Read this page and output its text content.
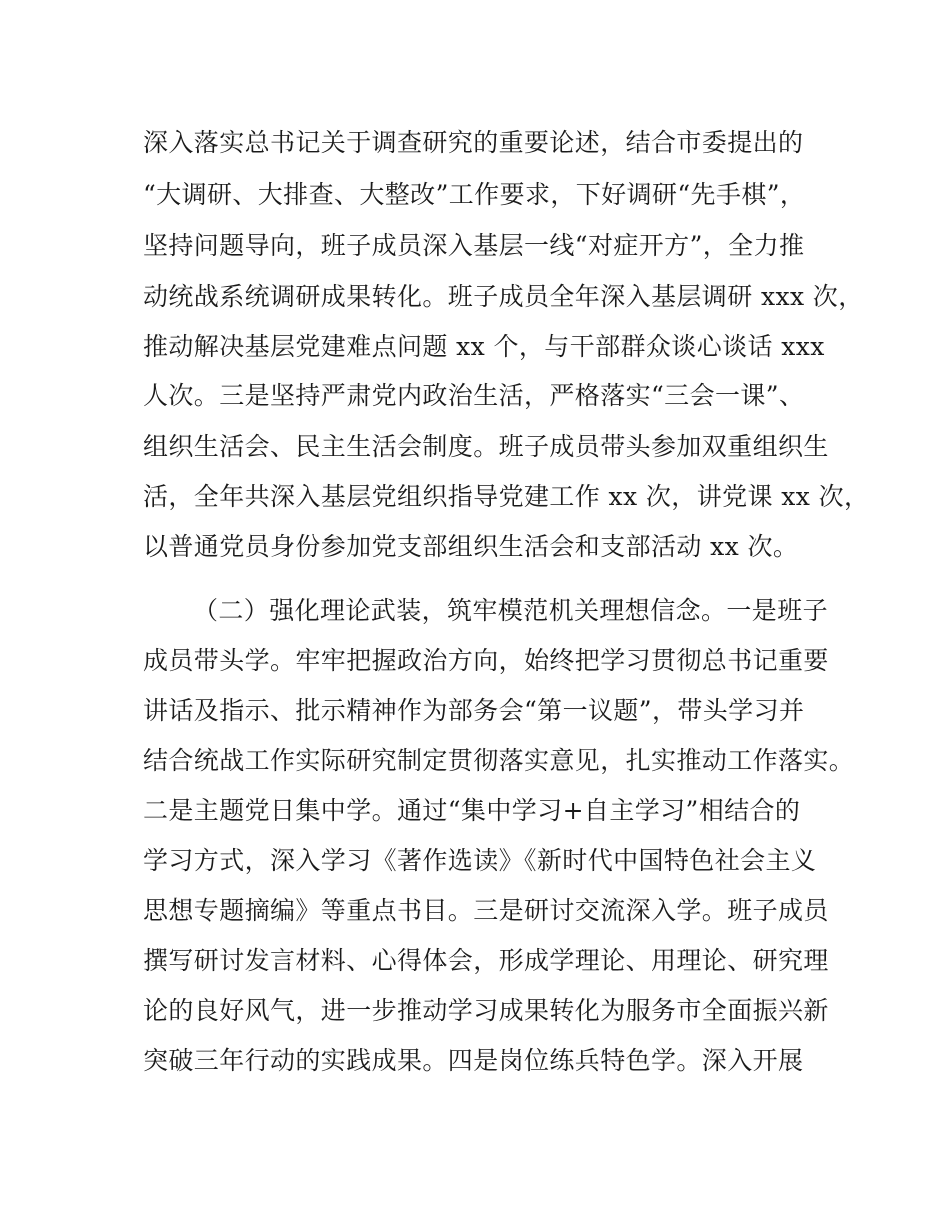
深入落实总书记关于调查研究的重要论述，结合市委提出的
“大调研、大排查、大整改”工作要求，下好调研“先手棋”，
坚持问题导向，班子成员深入基层一线“对症开方”，全力推
动统战系统调研成果转化。班子成员全年深入基层调研 xxx 次，
推动解决基层党建难点问题 xx 个，与干部群众谈心谈话 xxx
人次。三是坚持严肃党内政治生活，严格落实“三会一课”、
组织生活会、民主生活会制度。班子成员带头参加双重组织生
活，全年共深入基层党组织指导党建工作 xx 次，讲党课 xx 次，
以普通党员身份参加党支部组织生活会和支部活动 xx 次。
（二）强化理论武装，筑牢模范机关理想信念。一是班子
成员带头学。牢牢把握政治方向，始终把学习贯彻总书记重要
讲话及指示、批示精神作为部务会“第一议题”，带头学习并
结合统战工作实际研究制定贯彻落实意见，扎实推动工作落实。
二是主题党日集中学。通过“集中学习+自主学习”相结合的
学习方式，深入学习《著作选读》《新时代中国特色社会主义
思想专题摘编》等重点书目。三是研讨交流深入学。班子成员
撰写研讨发言材料、心得体会，形成学理论、用理论、研究理
论的良好风气，进一步推动学习成果转化为服务市全面振兴新
突破三年行动的实践成果。四是岗位练兵特色学。深入开展
